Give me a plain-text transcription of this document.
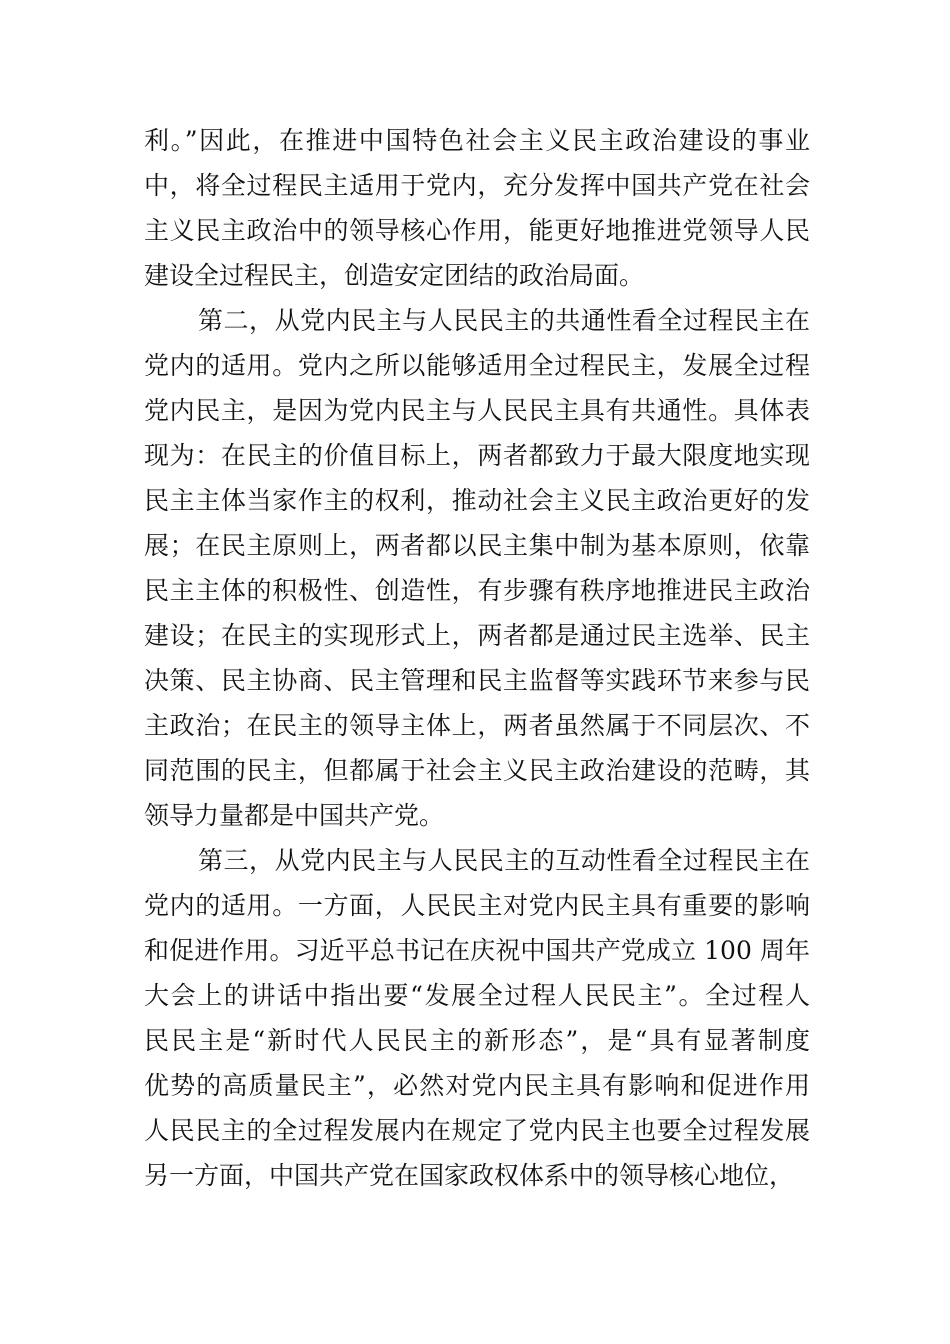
利。”因此，在推进中国特色社会主义民主政治建设的事业
中，将全过程民主适用于党内，充分发挥中国共产党在社会
主义民主政治中的领导核心作用，能更好地推进党领导人民
建设全过程民主，创造安定团结的政治局面。
第二，从党内民主与人民民主的共通性看全过程民主在
党内的适用。党内之所以能够适用全过程民主，发展全过程
党内民主，是因为党内民主与人民民主具有共通性。具体表
现为：在民主的价值目标上，两者都致力于最大限度地实现
民主主体当家作主的权利，推动社会主义民主政治更好的发
展；在民主原则上，两者都以民主集中制为基本原则，依靠
民主主体的积极性、创造性，有步骤有秩序地推进民主政治
建设；在民主的实现形式上，两者都是通过民主选举、民主
决策、民主协商、民主管理和民主监督等实践环节来参与民
主政治；在民主的领导主体上，两者虽然属于不同层次、不
同范围的民主，但都属于社会主义民主政治建设的范畴，其
领导力量都是中国共产党。
第三，从党内民主与人民民主的互动性看全过程民主在
党内的适用。一方面，人民民主对党内民主具有重要的影响
和促进作用。习近平总书记在庆祝中国共产党成立 100 周年
大会上的讲话中指出要“发展全过程人民民主”。全过程人
民民主是“新时代人民民主的新形态”，是“具有显著制度
优势的高质量民主”，必然对党内民主具有影响和促进作用
人民民主的全过程发展内在规定了党内民主也要全过程发展
另一方面，中国共产党在国家政权体系中的领导核心地位，
